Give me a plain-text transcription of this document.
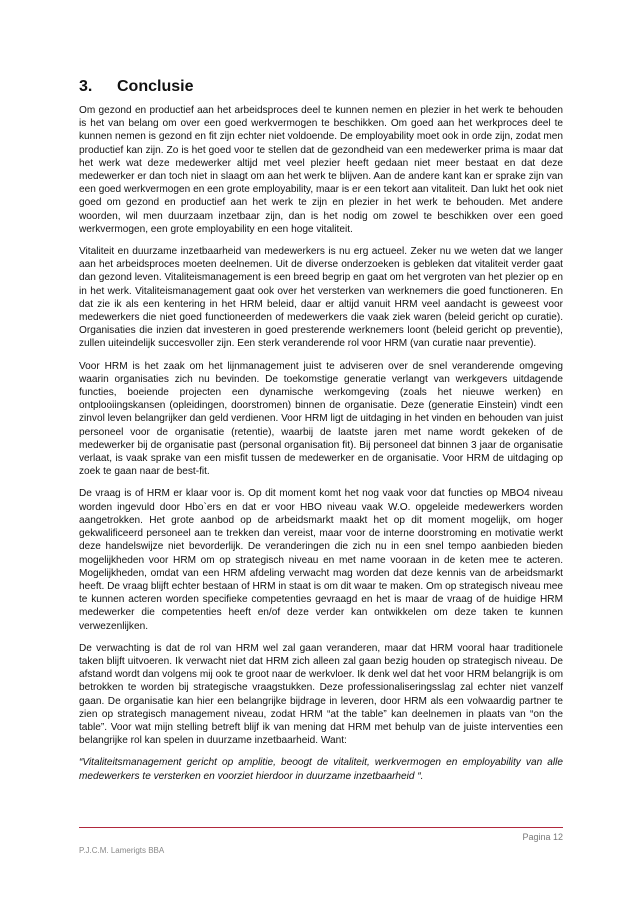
3. Conclusie

Om gezond en productief aan het arbeidsproces deel te kunnen nemen en plezier in het werk te behouden is het van belang om over een goed werkvermogen te beschikken. Om goed aan het werkproces deel te kunnen nemen is gezond en fit zijn echter niet voldoende. De employability moet ook in orde zijn, zodat men productief kan zijn. Zo is het goed voor te stellen dat de gezondheid van een medewerker prima is maar dat het werk wat deze medewerker altijd met veel plezier heeft gedaan niet meer bestaat en dat deze medewerker er dan toch niet in slaagt om aan het werk te blijven. Aan de andere kant kan er sprake zijn van een goed werkvermogen en een grote employability, maar is er een tekort aan vitaliteit. Dan lukt het ook niet goed om gezond en productief aan het werk te zijn en plezier in het werk te behouden. Met andere woorden, wil men duurzaam inzetbaar zijn, dan is het nodig om zowel te beschikken over een goed werkvermogen, een grote employability en een hoge vitaliteit.

Vitaliteit en duurzame inzetbaarheid van medewerkers is nu erg actueel. Zeker nu we weten dat we langer aan het arbeidsproces moeten deelnemen. Uit de diverse onderzoeken is gebleken dat vitaliteit verder gaat dan gezond leven. Vitaliteismanagement is een breed begrip en gaat om het vergroten van het plezier op en in het werk. Vitaliteismanagement gaat ook over het versterken van werknemers die goed functioneren. En dat zie ik als een kentering in het HRM beleid, daar er altijd vanuit HRM veel aandacht is geweest voor medewerkers die niet goed functioneerden of medewerkers die vaak ziek waren (beleid gericht op curatie). Organisaties die inzien dat investeren in goed presterende werknemers loont (beleid gericht op preventie), zullen uiteindelijk succesvoller zijn. Een sterk veranderende rol voor HRM (van curatie naar preventie).

Voor HRM is het zaak om het lijnmanagement juist te adviseren over de snel veranderende omgeving waarin organisaties zich nu bevinden. De toekomstige generatie verlangt van werkgevers uitdagende functies, boeiende projecten een dynamische werkomgeving (zoals het nieuwe werken) en ontplooiingskansen (opleidingen, doorstromen) binnen de organisatie. Deze (generatie Einstein) vindt een zinvol leven belangrijker dan geld verdienen. Voor HRM ligt de uitdaging in het vinden en behouden van juist personeel voor de organisatie (retentie), waarbij de laatste jaren met name wordt gekeken of de medewerker bij de organisatie past (personal organisation fit). Bij personeel dat binnen 3 jaar de organisatie verlaat, is vaak sprake van een misfit tussen de medewerker en de organisatie. Voor HRM de uitdaging op zoek te gaan naar de best-fit.

De vraag is of HRM er klaar voor is. Op dit moment komt het nog vaak voor dat functies op MBO4 niveau worden ingevuld door Hbo`ers en dat er voor HBO niveau vaak W.O. opgeleide medewerkers worden aangetrokken. Het grote aanbod op de arbeidsmarkt maakt het op dit moment mogelijk, om hoger gekwalificeerd personeel aan te trekken dan vereist, maar voor de interne doorstroming en motivatie werkt deze handelswijze niet bevorderlijk. De veranderingen die zich nu in een snel tempo aanbieden bieden mogelijkheden voor HRM om op strategisch niveau en met name vooraan in de keten mee te acteren. Mogelijkheden, omdat van een HRM afdeling verwacht mag worden dat deze kennis van de arbeidsmarkt heeft. De vraag blijft echter bestaan of HRM in staat is om dit waar te maken. Om op strategisch niveau mee te kunnen acteren worden specifieke competenties gevraagd en het is maar de vraag of de huidige HRM medewerker die competenties heeft en/of deze verder kan ontwikkelen om deze taken te kunnen verwezenlijken.

De verwachting is dat de rol van HRM wel zal gaan veranderen, maar dat HRM vooral haar traditionele taken blijft uitvoeren. Ik verwacht niet dat HRM zich alleen zal gaan bezig houden op strategisch niveau. De afstand wordt dan volgens mij ook te groot naar de werkvloer. Ik denk wel dat het voor HRM belangrijk is om betrokken te worden bij strategische vraagstukken. Deze professionaliseringsslag zal echter niet vanzelf gaan. De organisatie kan hier een belangrijke bijdrage in leveren, door HRM als een volwaardig partner te zien op strategisch management niveau, zodat HRM “at the table” kan deelnemen in plaats van “on the table”. Voor wat mijn stelling betreft blijf ik van mening dat HRM met behulp van de juiste interventies een belangrijke rol kan spelen in duurzame inzetbaarheid. Want:

“Vitaliteitsmanagement gericht op amplitie, beoogt de vitaliteit, werkvermogen en employability van alle medewerkers te versterken en voorziet hierdoor in duurzame inzetbaarheid “.

Pagina 12
P.J.C.M. Lamerigts BBA
